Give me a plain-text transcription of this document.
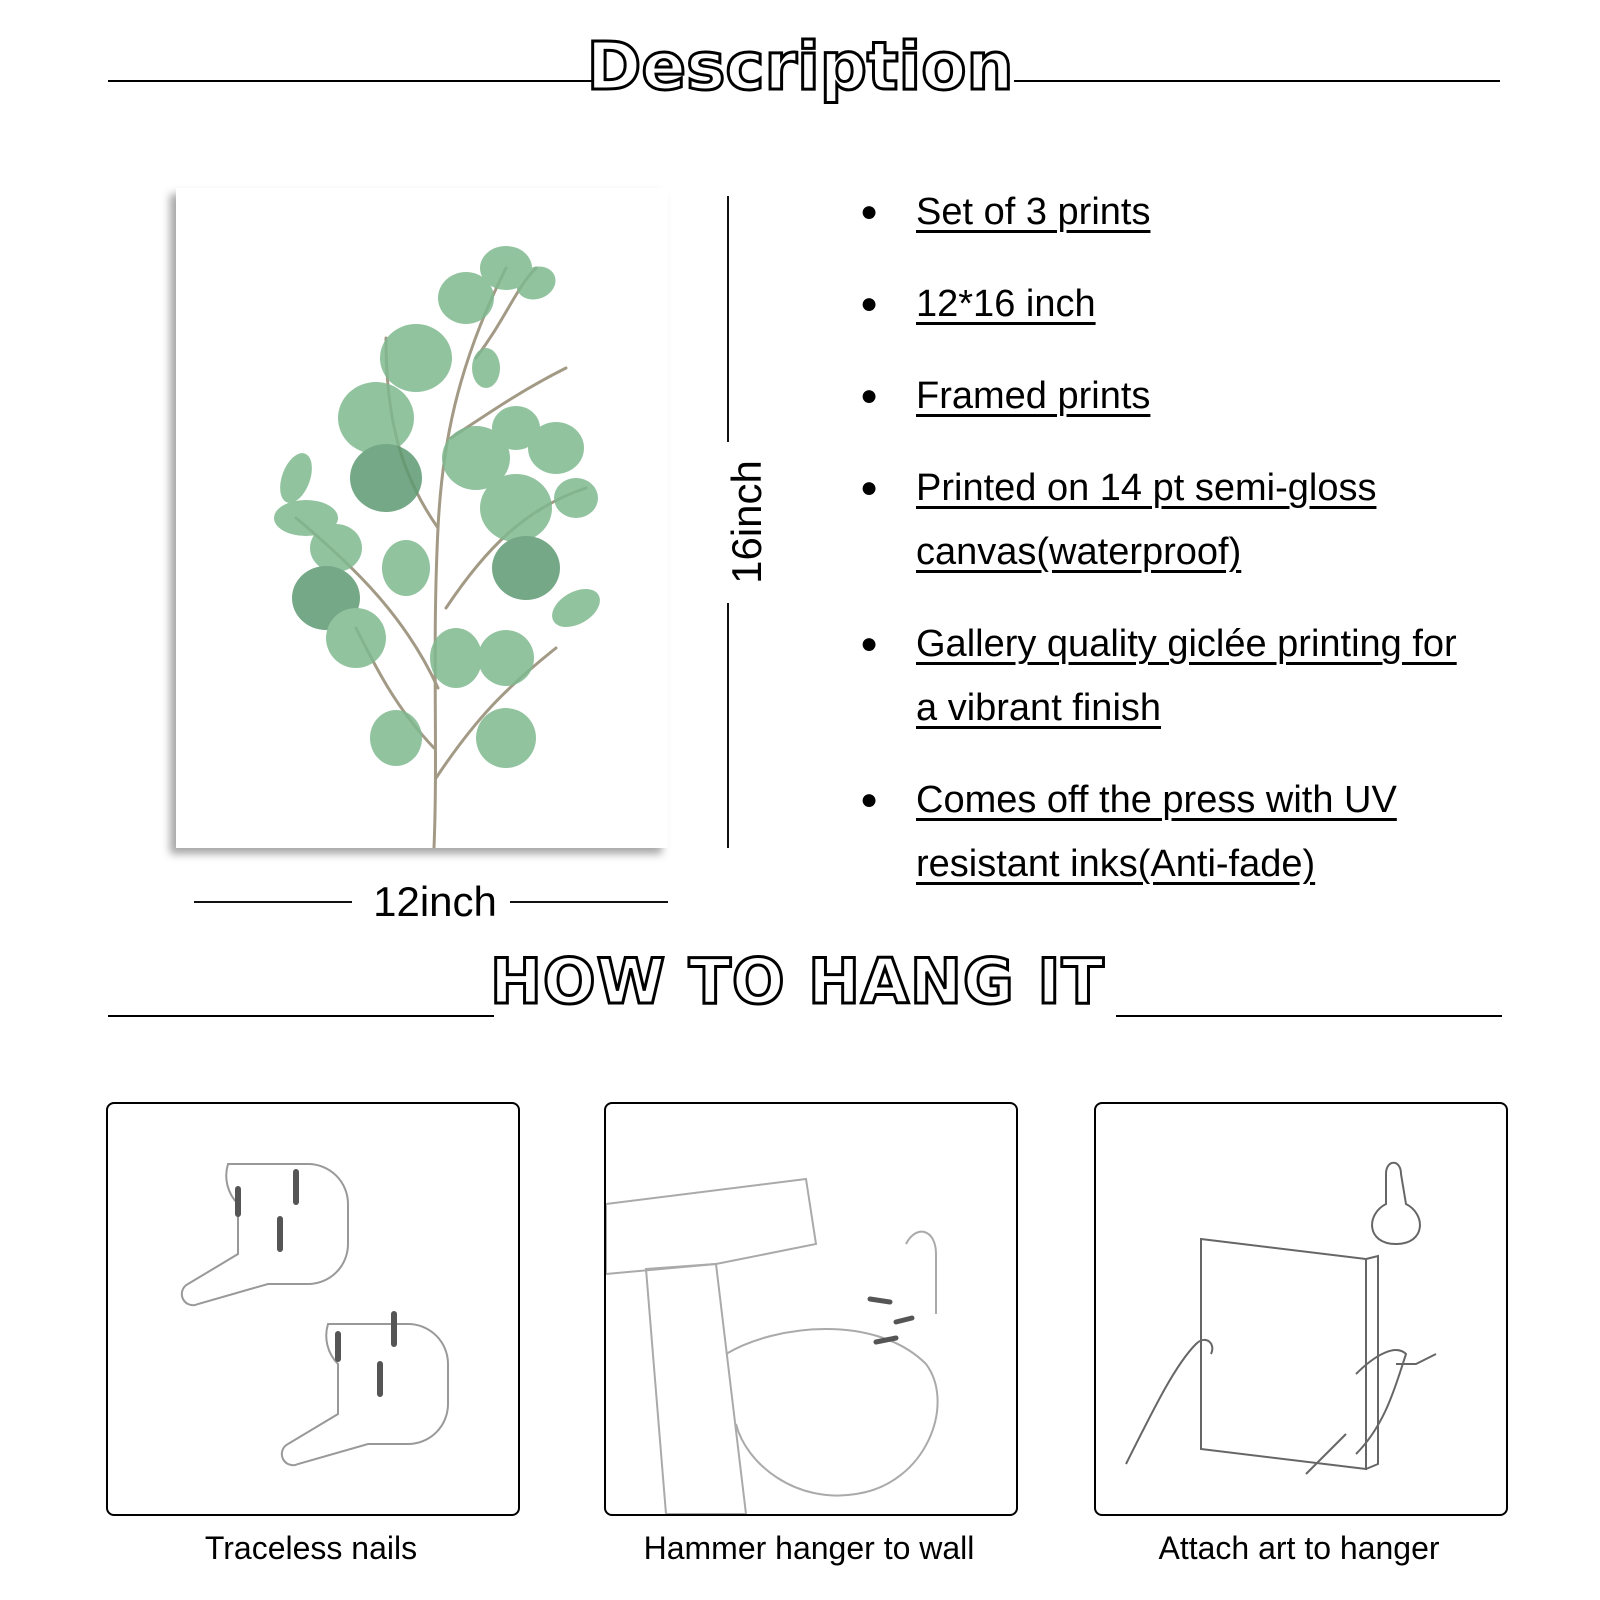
Description
12inch
16inch
● Set of 3 prints
● 12*16 inch
● Framed prints
● Printed on 14 pt semi-gloss canvas(waterproof)
● Gallery quality giclée printing for a vibrant finish
● Comes off the press with UV resistant inks(Anti-fade)
HOW TO HANG IT
Traceless nails	Hammer hanger to wall	Attach art to hanger
